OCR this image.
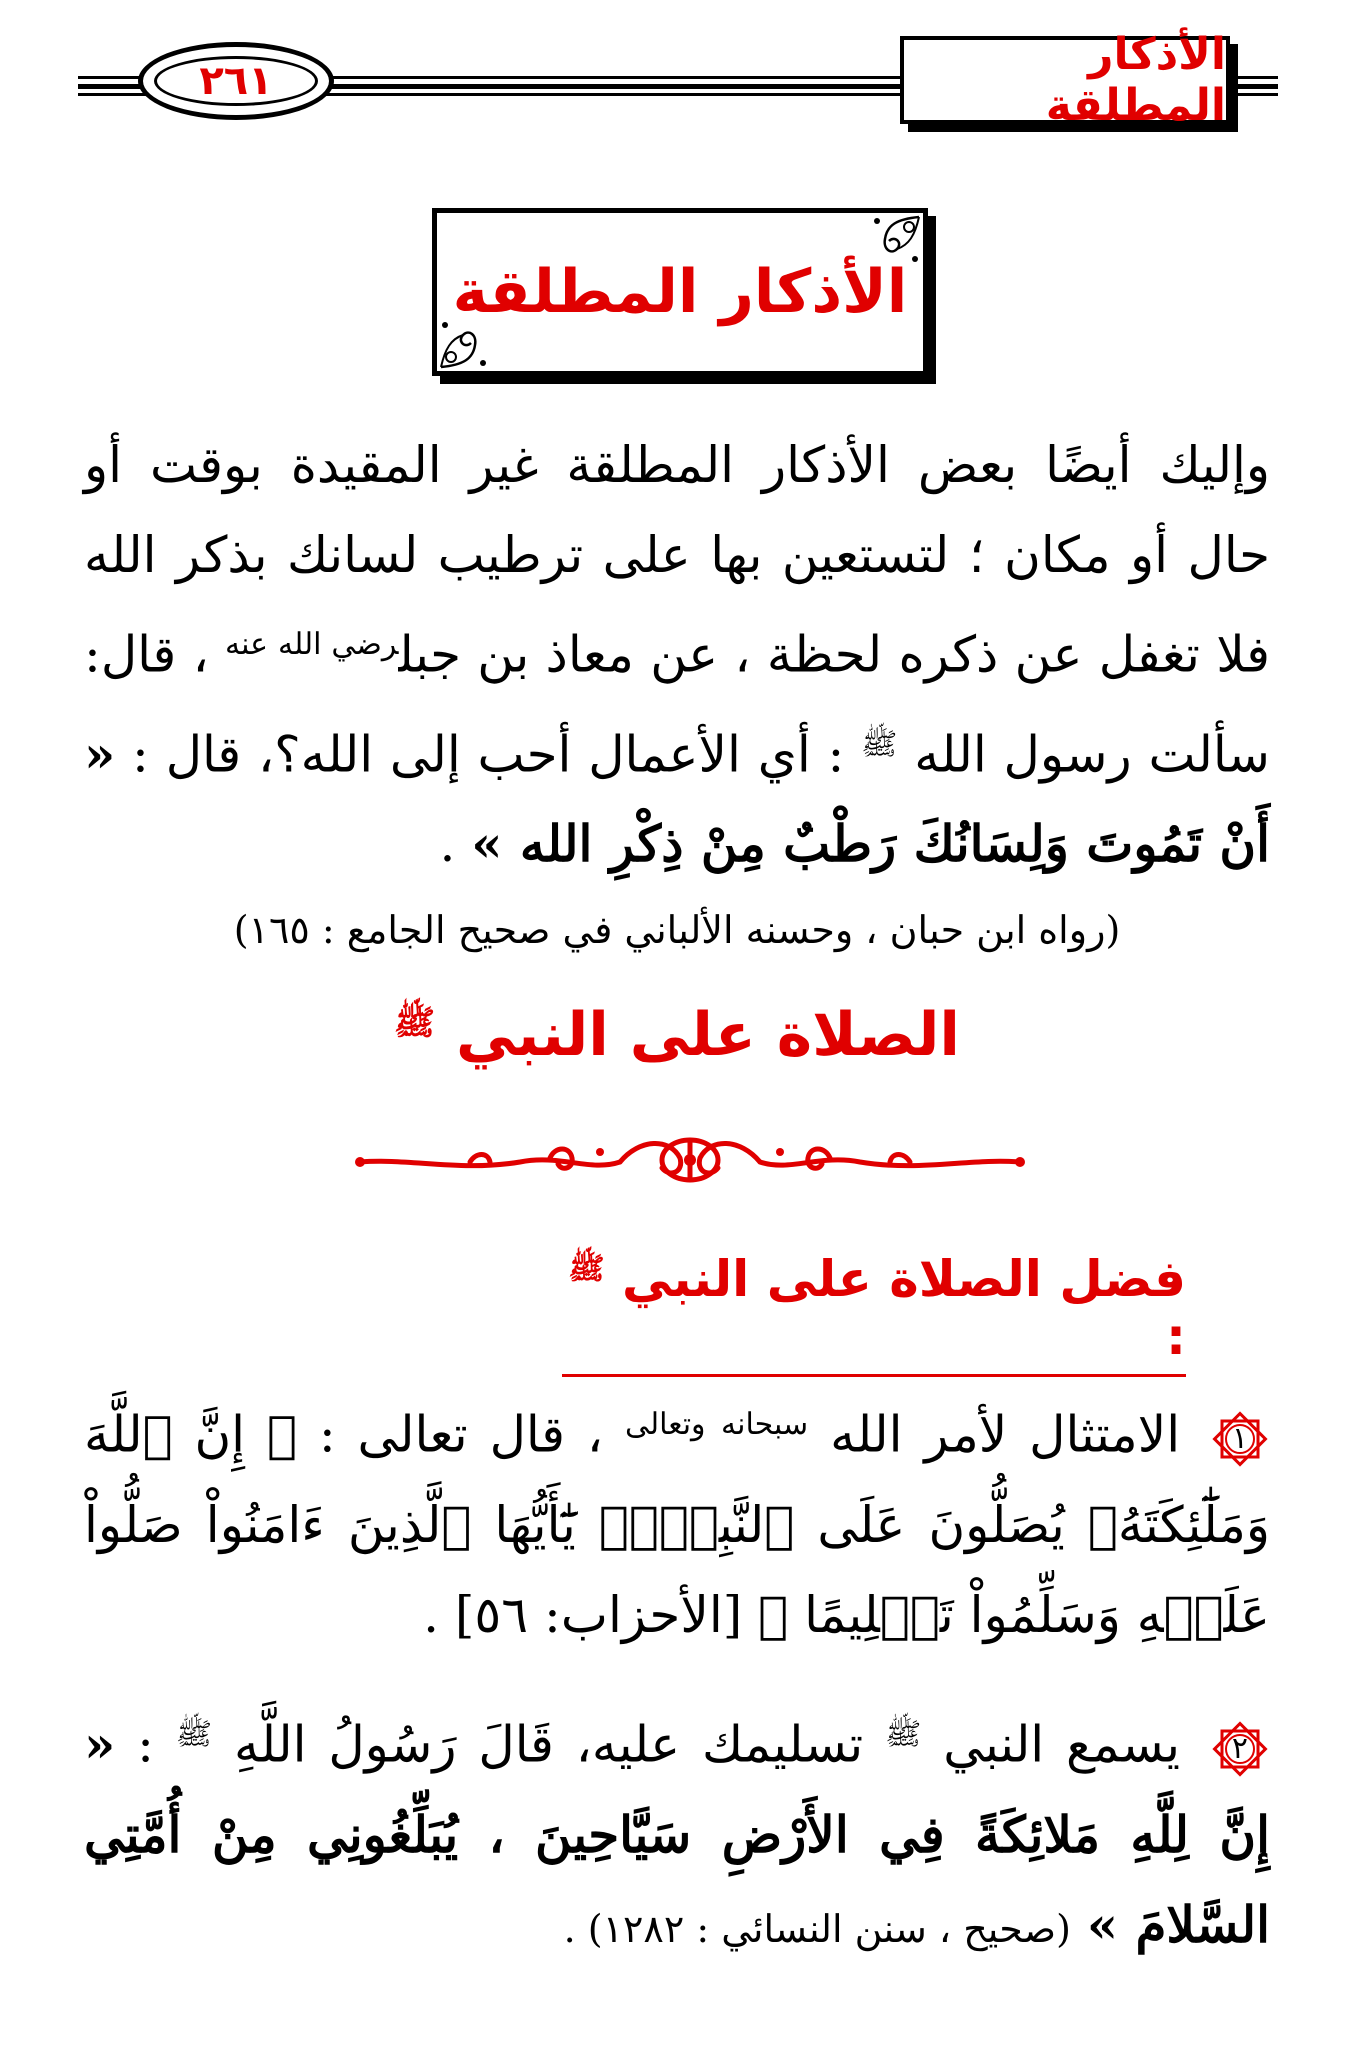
٢٦١
الأذكار المطلقة
الأذكار المطلقة
وإليك أيضًا بعض الأذكار المطلقة غير المقيدة بوقت أو حال أو مكان ؛ لتستعين بها على ترطيب لسانك بذكر الله فلا تغفل عن ذكره لحظة ، عن معاذ بن جبل$^{رضي الله عنه}$ ، قال: سألت رسول الله $^ﷺ$ : أي الأعمال أحب إلى الله؟، قال : « أَنْ تَمُوتَ وَلِسَانُكَ رَطْبٌ مِنْ ذِكْرِ الله » .
(رواه ابن حبان ، وحسنه الألباني في صحيح الجامع : ١٦٥)
الصلاة على النبي $^ﷺ$
فضل الصلاة على النبي $^ﷺ$ :
١
الامتثال لأمر الله $^{سبحانه وتعالى}$ ، قال تعالى : ﴿ إِنَّ ٱللَّهَ وَمَلَٰٓئِكَتَهُۥ يُصَلُّونَ عَلَى ٱلنَّبِيِّۚ يَٰٓأَيُّهَا ٱلَّذِينَ ءَامَنُواْ صَلُّواْ عَلَيۡهِ وَسَلِّمُواْ تَسۡلِيمًا ﴾ [الأحزاب: ٥٦] .
٢
يسمع النبي $^ﷺ$ تسليمك عليه، قَالَ رَسُولُ اللَّهِ $^ﷺ$ : « إِنَّ لِلَّهِ مَلائِكَةً فِي الأَرْضِ سَيَّاحِينَ ، يُبَلِّغُونِي مِنْ أُمَّتِي السَّلامَ » (صحيح ، سنن النسائي : ١٢٨٢) .
